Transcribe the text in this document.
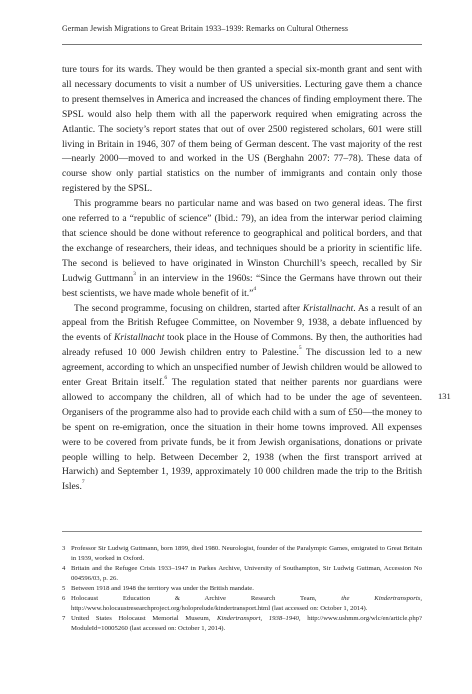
German Jewish Migrations to Great Britain 1933–1939: Remarks on Cultural Otherness

ture tours for its wards. They would be then granted a special six-month grant and sent with all necessary documents to visit a number of US universities. Lecturing gave them a chance to present themselves in America and increased the chances of finding employment there. The SPSL would also help them with all the paperwork required when emigrating across the Atlantic. The society’s report states that out of over 2500 registered scholars, 601 were still living in Britain in 1946, 307 of them being of German descent. The vast majority of the rest—nearly 2000—moved to and worked in the US (Berghahn 2007: 77–78). These data of course show only partial statistics on the number of immigrants and contain only those registered by the SPSL.

This programme bears no particular name and was based on two general ideas. The first one referred to a “republic of science” (Ibid.: 79), an idea from the interwar period claiming that science should be done without reference to geographical and political borders, and that the exchange of researchers, their ideas, and techniques should be a priority in scientific life. The second is believed to have originated in Winston Churchill’s speech, recalled by Sir Ludwig Guttmann$^3$ in an interview in the 1960s: “Since the Germans have thrown out their best scientists, we have made whole benefit of it.”$^4$

The second programme, focusing on children, started after Kristallnacht. As a result of an appeal from the British Refugee Committee, on November 9, 1938, a debate influenced by the events of Kristallnacht took place in the House of Commons. By then, the authorities had already refused 10 000 Jewish children entry to Palestine.$^5$ The discussion led to a new agreement, according to which an unspecified number of Jewish children would be allowed to enter Great Britain itself.$^6$ The regulation stated that neither parents nor guardians were allowed to accompany the children, all of which had to be under the age of seventeen. Organisers of the programme also had to provide each child with a sum of £50—the money to be spent on re-emigration, once the situation in their home towns improved. All expenses were to be covered from private funds, be it from Jewish organisations, donations or private people willing to help. Between December 2, 1938 (when the first transport arrived at Harwich) and September 1, 1939, approximately 10 000 children made the trip to the British Isles.$^7$

131

3 Professor Sir Ludwig Guttmann, born 1899, died 1980. Neurologist, founder of the Paralympic Games, emigrated to Great Britain in 1939, worked in Oxford.

4 Britain and the Refugee Crisis 1933–1947 in Parkes Archive, University of Southampton, Sir Ludwig Guttman, Accession No 004596/03, p. 26.

5 Between 1918 and 1948 the territory was under the British mandate.

6 Holocaust Education & Archive Research Team, the Kindertransports, http://www.holocaustresearchproject.org/holoprelude/kindertransport.html (last accessed on: October 1, 2014).

7 United States Holocaust Memorial Museum, Kindertransport, 1938–1940, http://www.ushmm.org/wlc/en/article.php?ModuleId=10005260 (last accessed on: October 1, 2014).
